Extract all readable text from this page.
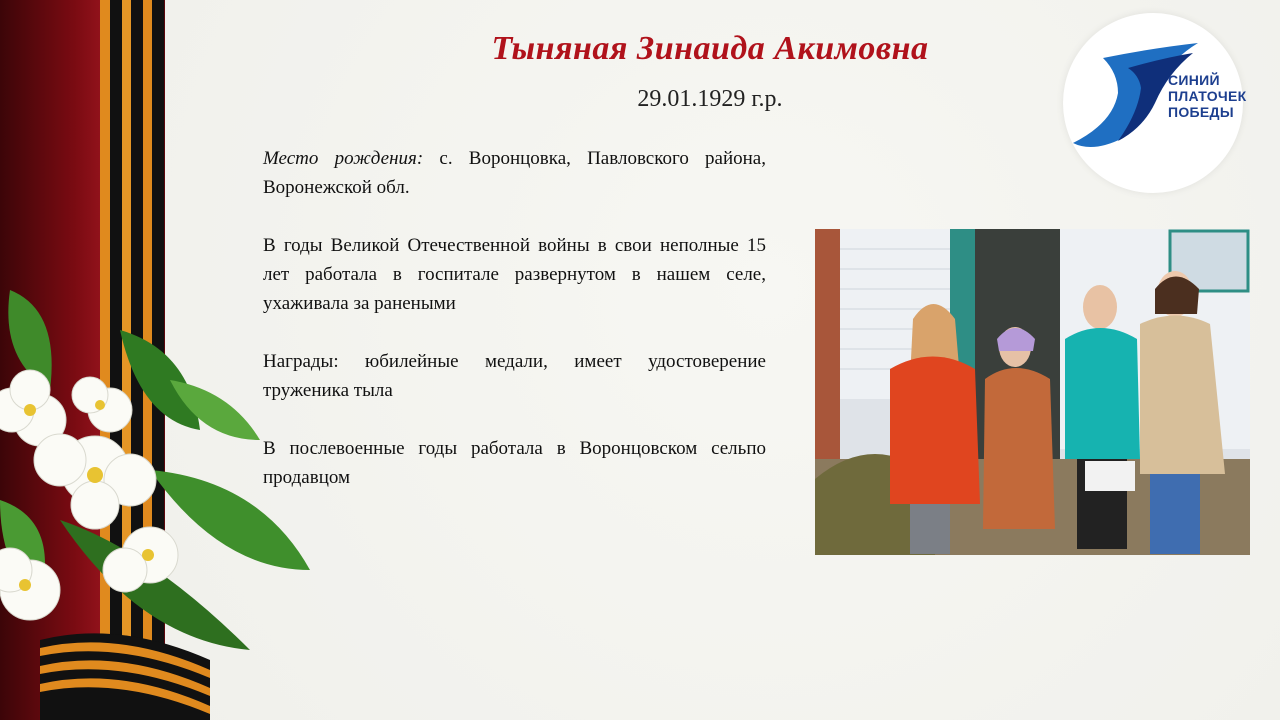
Тыняная Зинаида Акимовна
29.01.1929 г.р.

Место рождения: с. Воронцовка, Павловского района, Воронежской обл.

В годы Великой Отечественной войны в свои неполные 15 лет работала в госпитале развернутом в нашем селе, ухаживала за ранеными

Награды: юбилейные медали, имеет удостоверение труженика тыла

В послевоенные годы работала в Воронцовском сельпо продавцом

СИНИЙ
ПЛАТОЧЕК
ПОБЕДЫ
